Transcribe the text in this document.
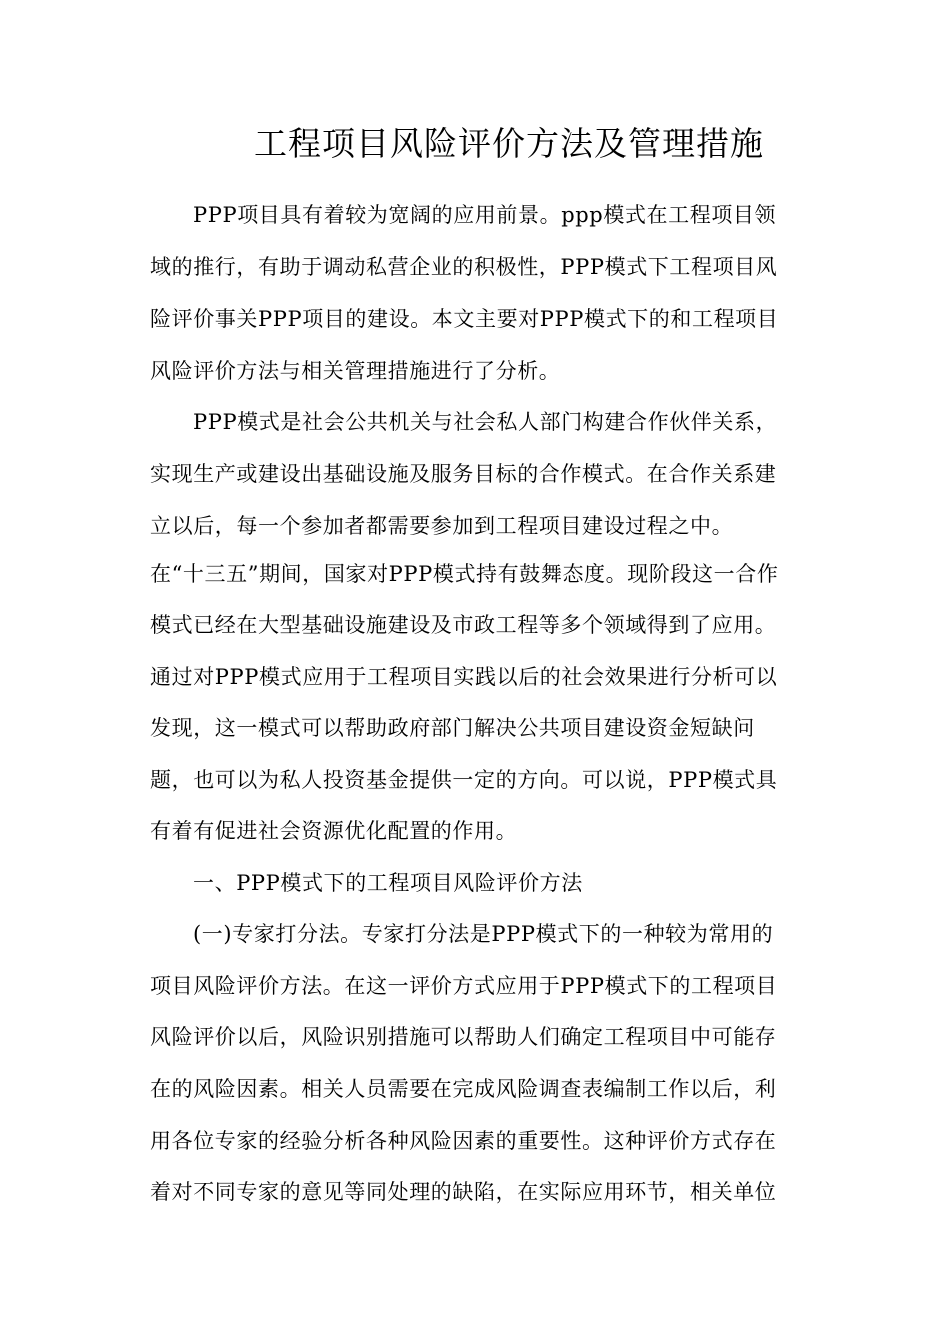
工程项目风险评价方法及管理措施
PPP项目具有着较为宽阔的应用前景。ppp模式在工程项目领
域的推行，有助于调动私营企业的积极性，PPP模式下工程项目风
险评价事关PPP项目的建设。本文主要对PPP模式下的和工程项目
风险评价方法与相关管理措施进行了分析。
PPP模式是社会公共机关与社会私人部门构建合作伙伴关系，
实现生产或建设出基础设施及服务目标的合作模式。在合作关系建
立以后，每一个参加者都需要参加到工程项目建设过程之中。
在“十三五”期间，国家对PPP模式持有鼓舞态度。现阶段这一合作
模式已经在大型基础设施建设及市政工程等多个领域得到了应用。
通过对PPP模式应用于工程项目实践以后的社会效果进行分析可以
发现，这一模式可以帮助政府部门解决公共项目建设资金短缺问
题，也可以为私人投资基金提供一定的方向。可以说，PPP模式具
有着有促进社会资源优化配置的作用。
一、PPP模式下的工程项目风险评价方法
(一)专家打分法。专家打分法是PPP模式下的一种较为常用的
项目风险评价方法。在这一评价方式应用于PPP模式下的工程项目
风险评价以后，风险识别措施可以帮助人们确定工程项目中可能存
在的风险因素。相关人员需要在完成风险调查表编制工作以后，利
用各位专家的经验分析各种风险因素的重要性。这种评价方式存在
着对不同专家的意见等同处理的缺陷，在实际应用环节，相关单位
